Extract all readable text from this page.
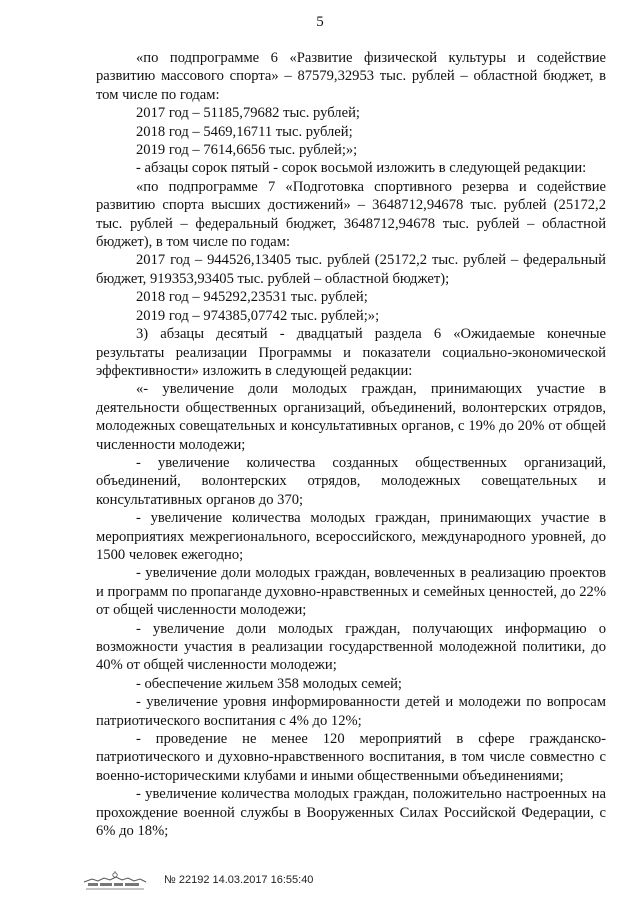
5

«по подпрограмме 6 «Развитие физической культуры и содействие развитию массового спорта» – 87579,32953 тыс. рублей – областной бюджет, в том числе по годам:

2017 год – 51185,79682 тыс. рублей;

2018 год – 5469,16711 тыс. рублей;

2019 год – 7614,6656 тыс. рублей;»;

- абзацы сорок пятый - сорок восьмой изложить в следующей редакции:

«по подпрограмме 7 «Подготовка спортивного резерва и содействие развитию спорта высших достижений» – 3648712,94678 тыс. рублей (25172,2 тыс. рублей – федеральный бюджет, 3648712,94678 тыс. рублей – областной бюджет), в том числе по годам:

2017 год – 944526,13405 тыс. рублей (25172,2 тыс. рублей – федеральный бюджет, 919353,93405 тыс. рублей – областной бюджет);

2018 год – 945292,23531 тыс. рублей;

2019 год – 974385,07742 тыс. рублей;»;

3) абзацы десятый - двадцатый раздела 6 «Ожидаемые конечные результаты реализации Программы и показатели социально-экономической эффективности» изложить в следующей редакции:

«- увеличение доли молодых граждан, принимающих участие в деятельности общественных организаций, объединений, волонтерских отрядов, молодежных совещательных и консультативных органов, с 19% до 20% от общей численности молодежи;

- увеличение количества созданных общественных организаций, объединений, волонтерских отрядов, молодежных совещательных и консультативных органов до 370;

- увеличение количества молодых граждан, принимающих участие в мероприятиях межрегионального, всероссийского, международного уровней, до 1500 человек ежегодно;

- увеличение доли молодых граждан, вовлеченных в реализацию проектов и программ по пропаганде духовно-нравственных и семейных ценностей, до 22% от общей численности молодежи;

- увеличение доли молодых граждан, получающих информацию о возможности участия в реализации государственной молодежной политики, до 40% от общей численности молодежи;

- обеспечение жильем 358 молодых семей;

- увеличение уровня информированности детей и молодежи по вопросам патриотического воспитания с 4% до 12%;

- проведение не менее 120 мероприятий в сфере гражданско-патриотического и духовно-нравственного воспитания, в том числе совместно с военно-историческими клубами и иными общественными объединениями;

- увеличение количества молодых граждан, положительно настроенных на прохождение военной службы в Вооруженных Силах Российской Федерации, с 6% до 18%;

№ 22192 14.03.2017 16:55:40
